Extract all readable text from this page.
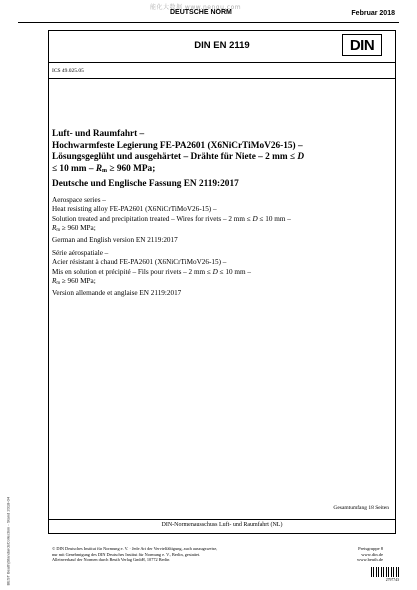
能化大数据 www.nengu.com
DEUTSCHE NORM	Februar 2018
DIN EN 2119	DIN
ICS 49.025.05
Luft- und Raumfahrt –
Hochwarmfeste Legierung FE-PA2601 (X6NiCrTiMoV26-15) –
Lösungsgeglüht und ausgehärtet – Drähte für Niete – 2 mm ≤ D
≤ 10 mm – $R_m \ge 960$ MPa;
Deutsche und Englische Fassung EN 2119:2017
Aerospace series –
Heat resisting alloy FE-PA2601 (X6NiCrTiMoV26-15) –
Solution treated and precipitation treated – Wires for rivets – 2 mm ≤ D ≤ 10 mm –
$R_m \ge 960$ MPa;
German and English version EN 2119:2017
Série aérospatiale –
Acier résistant à chaud FE-PA2601 (X6NiCrTiMoV26-15) –
Mis en solution et précipité – Fils pour rivets – 2 mm ≤ D ≤ 10 mm –
$R_m \ge 960$ MPa;
Version allemande et anglaise EN 2119:2017
Gesamtumfang 18 Seiten
DIN-Normenausschuss Luft- und Raumfahrt (NL)
© DIN Deutsches Institut für Normung e. V. · Jede Art der Vervielfältigung, auch auszugsweise,
nur mit Genehmigung des DIN Deutsches Institut für Normung e. V., Berlin, gestattet.
Alleinverkauf der Normen durch Beuth Verlag GmbH, 10772 Berlin
Preisgruppe 8
www.din.de
www.beuth.de
2797743
BEST Beuth|StandardsCollection - Stand 2018-04
